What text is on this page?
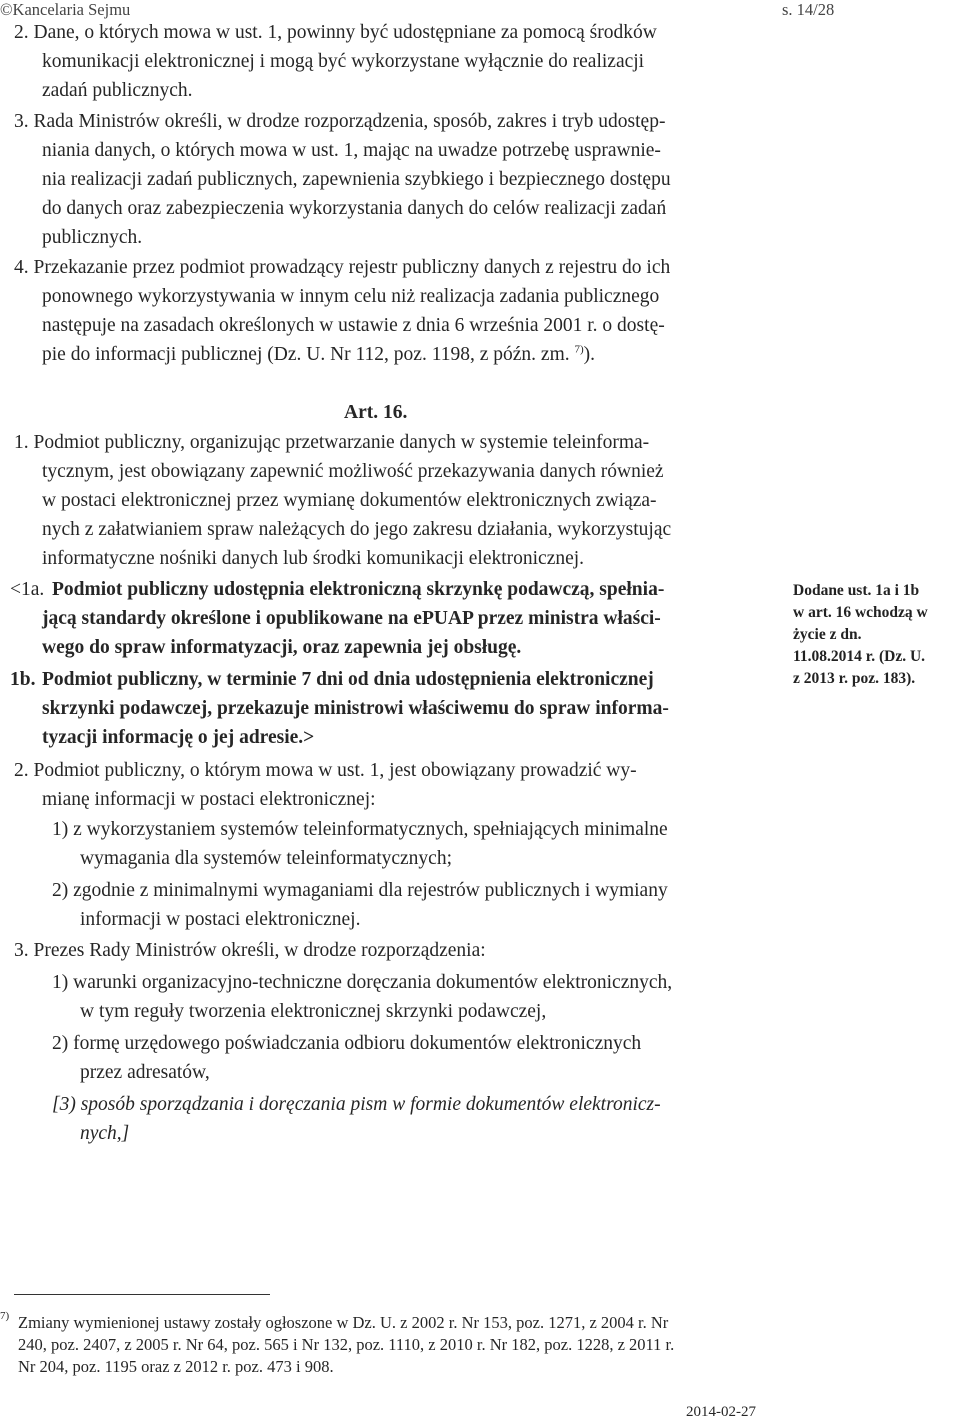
©Kancelaria Sejmu	s. 14/28
2. Dane, o których mowa w ust. 1, powinny być udostępniane za pomocą środków
komunikacji elektronicznej i mogą być wykorzystane wyłącznie do realizacji
zadań publicznych.
3. Rada Ministrów określi, w drodze rozporządzenia, sposób, zakres i tryb udostęp-
niania danych, o których mowa w ust. 1, mając na uwadze potrzebę usprawnie-
nia realizacji zadań publicznych, zapewnienia szybkiego i bezpiecznego dostępu
do danych oraz zabezpieczenia wykorzystania danych do celów realizacji zadań
publicznych.
4. Przekazanie przez podmiot prowadzący rejestr publiczny danych z rejestru do ich
ponownego wykorzystywania w innym celu niż realizacja zadania publicznego
następuje na zasadach określonych w ustawie z dnia 6 września 2001 r. o dostę-
pie do informacji publicznej (Dz. U. Nr 112, poz. 1198, z późn. zm. $^{7)}$).
Art. 16.
1. Podmiot publiczny, organizując przetwarzanie danych w systemie teleinforma-
tycznym, jest obowiązany zapewnić możliwość przekazywania danych również
w postaci elektronicznej przez wymianę dokumentów elektronicznych związa-
nych z załatwianiem spraw należących do jego zakresu działania, wykorzystując
informatyczne nośniki danych lub środki komunikacji elektronicznej.
<1a. Podmiot publiczny udostępnia elektroniczną skrzynkę podawczą, spełnia-
jącą standardy określone i opublikowane na ePUAP przez ministra właści-
wego do spraw informatyzacji, oraz zapewnia jej obsługę.
1b. Podmiot publiczny, w terminie 7 dni od dnia udostępnienia elektronicznej
skrzynki podawczej, przekazuje ministrowi właściwemu do spraw informa-
tyzacji informację o jej adresie.>
Dodane ust. 1a i 1b
w art. 16 wchodzą w
życie z dn.
11.08.2014 r. (Dz. U.
z 2013 r. poz. 183).
2. Podmiot publiczny, o którym mowa w ust. 1, jest obowiązany prowadzić wy-
mianę informacji w postaci elektronicznej:
1) z wykorzystaniem systemów teleinformatycznych, spełniających minimalne
wymagania dla systemów teleinformatycznych;
2) zgodnie z minimalnymi wymaganiami dla rejestrów publicznych i wymiany
informacji w postaci elektronicznej.
3. Prezes Rady Ministrów określi, w drodze rozporządzenia:
1) warunki organizacyjno-techniczne doręczania dokumentów elektronicznych,
w tym reguły tworzenia elektronicznej skrzynki podawczej,
2) formę urzędowego poświadczania odbioru dokumentów elektronicznych
przez adresatów,
[3) sposób sporządzania i doręczania pism w formie dokumentów elektronicz-
nych,]
7) Zmiany wymienionej ustawy zostały ogłoszone w Dz. U. z 2002 r. Nr 153, poz. 1271, z 2004 r. Nr
240, poz. 2407, z 2005 r. Nr 64, poz. 565 i Nr 132, poz. 1110, z 2010 r. Nr 182, poz. 1228, z 2011 r.
Nr 204, poz. 1195 oraz z 2012 r. poz. 473 i 908.
2014-02-27
